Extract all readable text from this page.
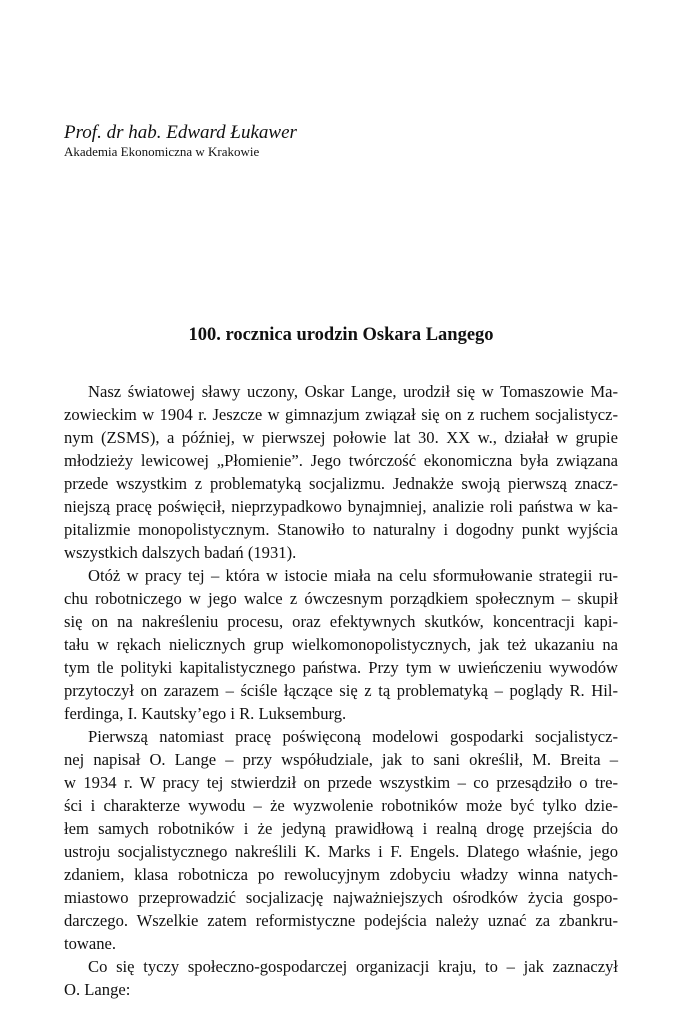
Prof. dr hab. Edward Łukawer

Akademia Ekonomiczna w Krakowie

100. rocznica urodzin Oskara Langego
Nasz światowej sławy uczony, Oskar Lange, urodził się w Tomaszowie Ma-
zowieckim w 1904 r. Jeszcze w gimnazjum związał się on z ruchem socjalistycz-
nym (ZSMS), a później, w pierwszej połowie lat 30. XX w., działał w grupie
młodzieży lewicowej „Płomienie”. Jego twórczość ekonomiczna była związana
przede wszystkim z problematyką socjalizmu. Jednakże swoją pierwszą znacz-
niejszą pracę poświęcił, nieprzypadkowo bynajmniej, analizie roli państwa w ka-
pitalizmie monopolistycznym. Stanowiło to naturalny i dogodny punkt wyjścia
wszystkich dalszych badań (1931).
Otóż w pracy tej – która w istocie miała na celu sformułowanie strategii ru-
chu robotniczego w jego walce z ówczesnym porządkiem społecznym – skupił
się on na nakreśleniu procesu, oraz efektywnych skutków, koncentracji kapi-
tału w rękach nielicznych grup wielkomonopolistycznych, jak też ukazaniu na
tym tle polityki kapitalistycznego państwa. Przy tym w uwieńczeniu wywodów
przytoczył on zarazem – ściśle łączące się z tą problematyką – poglądy R. Hil-
ferdinga, I. Kautsky’ego i R. Luksemburg.
Pierwszą natomiast pracę poświęconą modelowi gospodarki socjalistycz-
nej napisał O. Lange – przy współudziale, jak to sani określił, M. Breita –
w 1934 r. W pracy tej stwierdził on przede wszystkim – co przesądziło o tre-
ści i charakterze wywodu – że wyzwolenie robotników może być tylko dzie-
łem samych robotników i że jedyną prawidłową i realną drogę przejścia do
ustroju socjalistycznego nakreślili K. Marks i F. Engels. Dlatego właśnie, jego
zdaniem, klasa robotnicza po rewolucyjnym zdobyciu władzy winna natych-
miastowo przeprowadzić socjalizację najważniejszych ośrodków życia gospo-
darczego. Wszelkie zatem reformistyczne podejścia należy uznać za zbankru-
towane.
Co się tyczy społeczno-gospodarczej organizacji kraju, to – jak zaznaczył
O. Lange:
